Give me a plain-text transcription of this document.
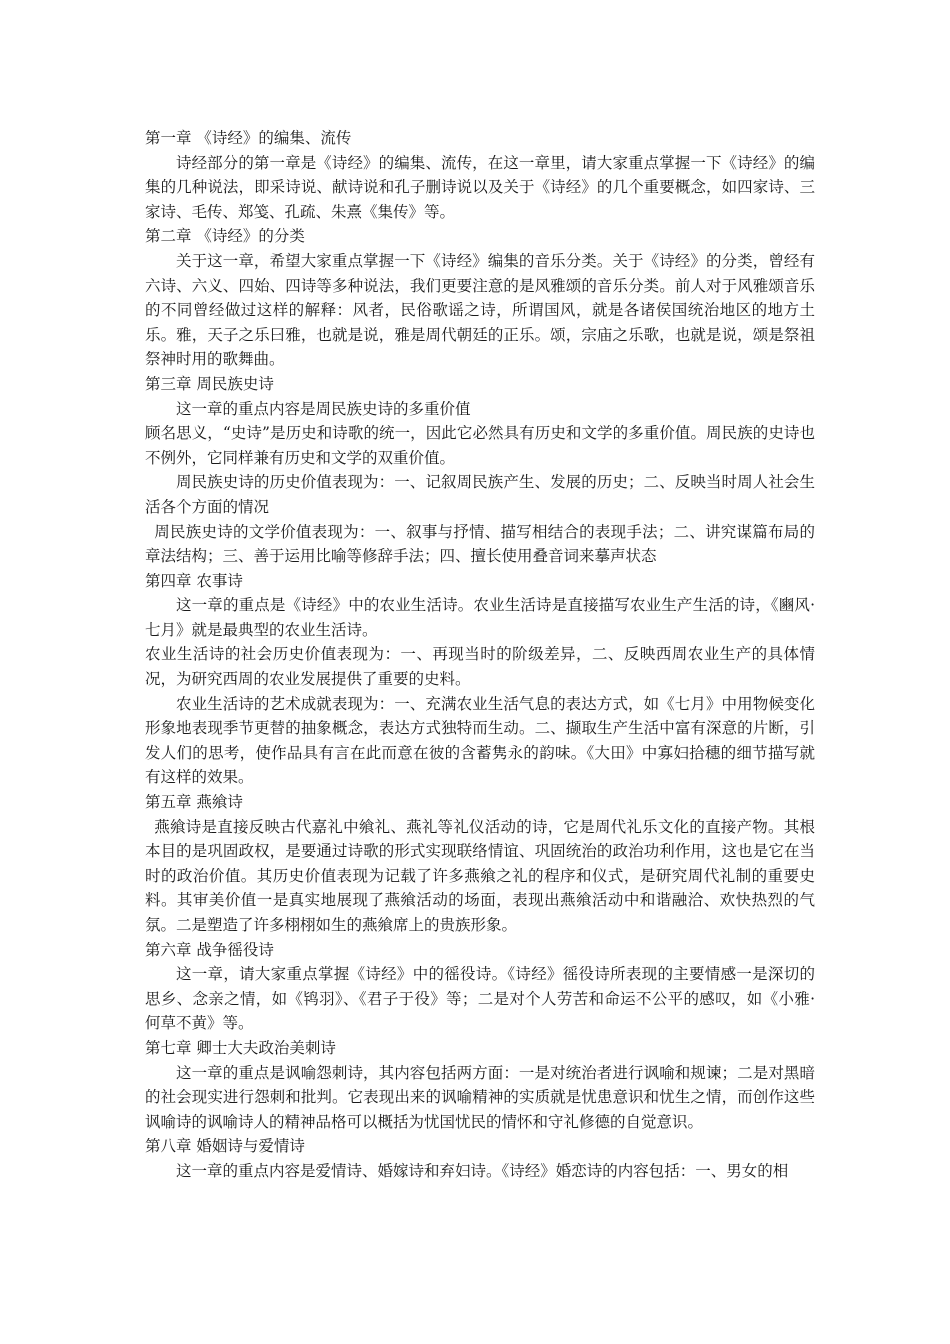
第一章 《诗经》的编集、流传

诗经部分的第一章是《诗经》的编集、流传，在这一章里，请大家重点掌握一下《诗经》的编集的几种说法，即采诗说、献诗说和孔子删诗说以及关于《诗经》的几个重要概念，如四家诗、三家诗、毛传、郑笺、孔疏、朱熹《集传》等。

第二章 《诗经》的分类

关于这一章，希望大家重点掌握一下《诗经》编集的音乐分类。关于《诗经》的分类，曾经有六诗、六义、四始、四诗等多种说法，我们更要注意的是风雅颂的音乐分类。前人对于风雅颂音乐的不同曾经做过这样的解释：风者，民俗歌谣之诗，所谓国风，就是各诸侯国统治地区的地方土乐。雅，天子之乐曰雅，也就是说，雅是周代朝廷的正乐。颂，宗庙之乐歌，也就是说，颂是祭祖祭神时用的歌舞曲。

第三章 周民族史诗

这一章的重点内容是周民族史诗的多重价值

顾名思义，“史诗”是历史和诗歌的统一，因此它必然具有历史和文学的多重价值。周民族的史诗也不例外，它同样兼有历史和文学的双重价值。

周民族史诗的历史价值表现为：一、记叙周民族产生、发展的历史；二、反映当时周人社会生活各个方面的情况

周民族史诗的文学价值表现为：一、叙事与抒情、描写相结合的表现手法；二、讲究谋篇布局的章法结构；三、善于运用比喻等修辞手法；四、擅长使用叠音词来摹声状态

第四章 农事诗

这一章的重点是《诗经》中的农业生活诗。农业生活诗是直接描写农业生产生活的诗，《豳风·七月》就是最典型的农业生活诗。

农业生活诗的社会历史价值表现为：一、再现当时的阶级差异，二、反映西周农业生产的具体情况，为研究西周的农业发展提供了重要的史料。

农业生活诗的艺术成就表现为：一、充满农业生活气息的表达方式，如《七月》中用物候变化形象地表现季节更替的抽象概念，表达方式独特而生动。二、撷取生产生活中富有深意的片断，引发人们的思考，使作品具有言在此而意在彼的含蓄隽永的韵味。《大田》中寡妇拾穗的细节描写就有这样的效果。

第五章 燕飨诗

燕飨诗是直接反映古代嘉礼中飨礼、燕礼等礼仪活动的诗，它是周代礼乐文化的直接产物。其根本目的是巩固政权，是要通过诗歌的形式实现联络情谊、巩固统治的政治功利作用，这也是它在当时的政治价值。其历史价值表现为记载了许多燕飨之礼的程序和仪式，是研究周代礼制的重要史料。其审美价值一是真实地展现了燕飨活动的场面，表现出燕飨活动中和谐融洽、欢快热烈的气氛。二是塑造了许多栩栩如生的燕飨席上的贵族形象。

第六章 战争徭役诗

这一章，请大家重点掌握《诗经》中的徭役诗。《诗经》徭役诗所表现的主要情感一是深切的思乡、念亲之情，如《鸨羽》、《君子于役》等；二是对个人劳苦和命运不公平的感叹，如《小雅·何草不黄》等。

第七章 卿士大夫政治美刺诗

这一章的重点是讽喻怨刺诗，其内容包括两方面：一是对统治者进行讽喻和规谏；二是对黑暗的社会现实进行怨刺和批判。它表现出来的讽喻精神的实质就是忧患意识和忧生之情，而创作这些讽喻诗的讽喻诗人的精神品格可以概括为忧国忧民的情怀和守礼修德的自觉意识。

第八章 婚姻诗与爱情诗

这一章的重点内容是爱情诗、婚嫁诗和弃妇诗。《诗经》婚恋诗的内容包括：一、男女的相
